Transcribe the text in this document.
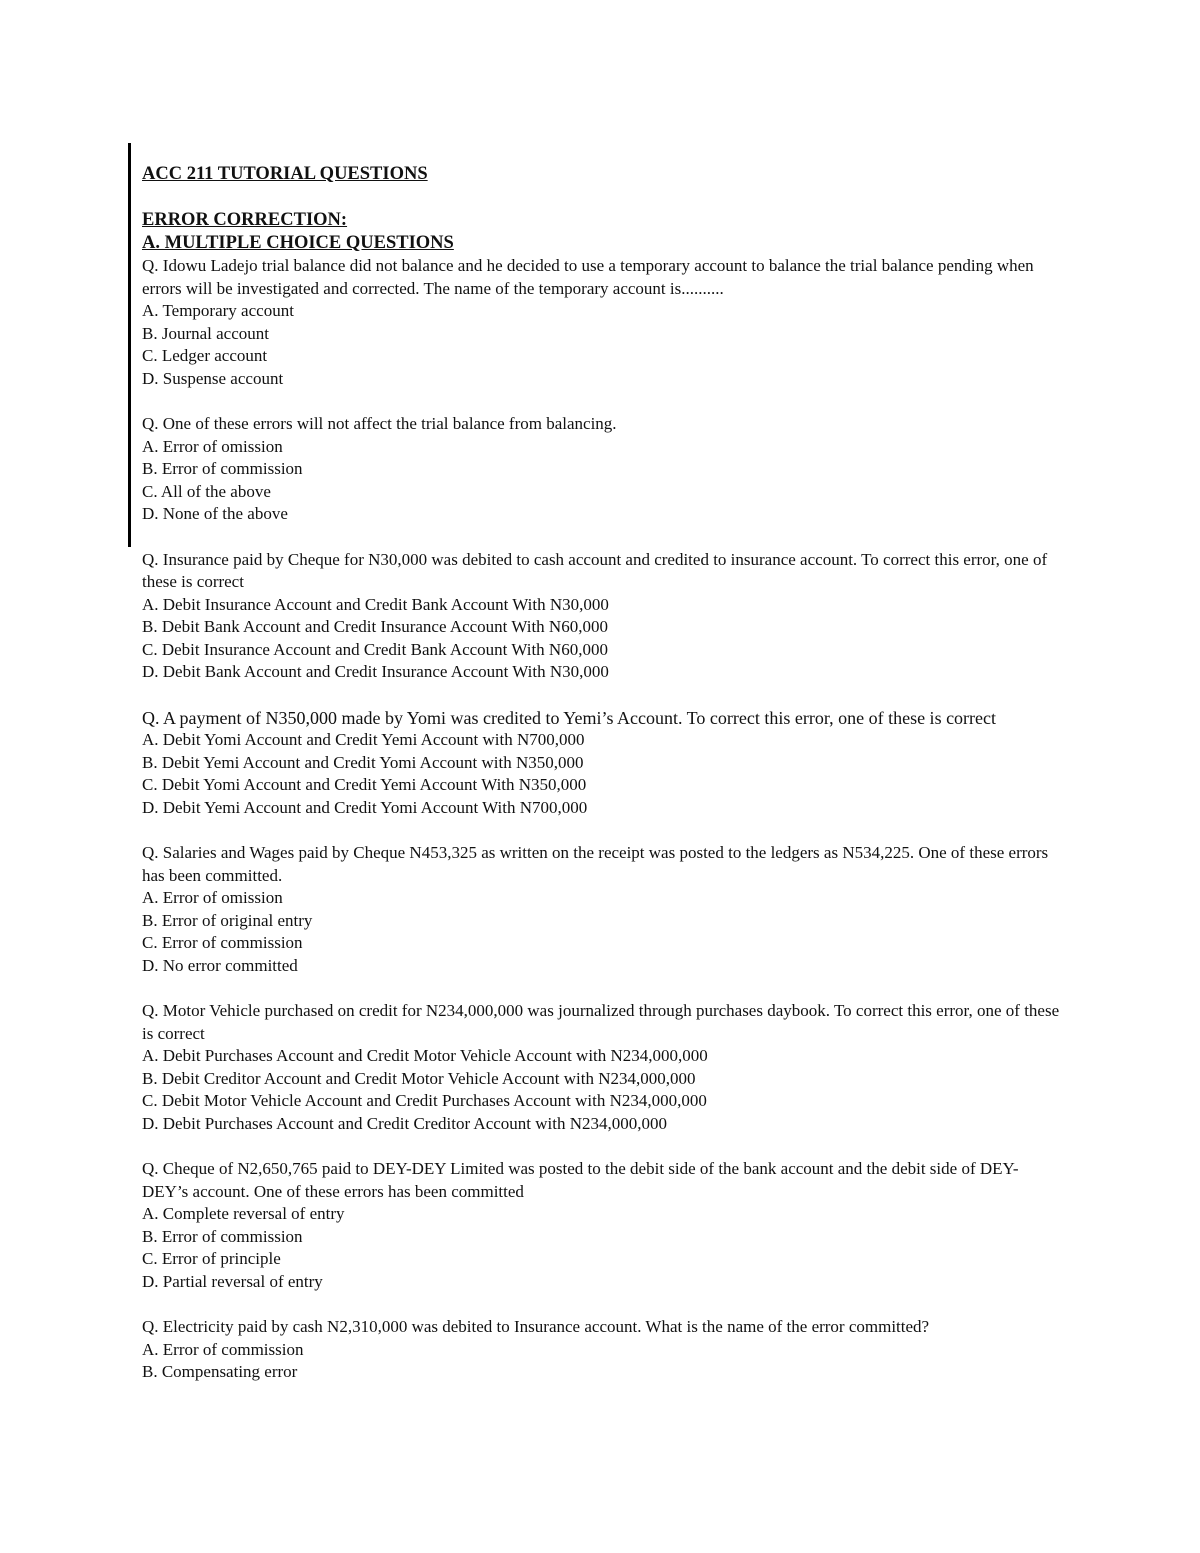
ACC 211 TUTORIAL QUESTIONS

ERROR CORRECTION:

A. MULTIPLE CHOICE QUESTIONS

Q. Idowu Ladejo trial balance did not balance and he decided to use a temporary account to balance the trial balance pending when errors will be investigated and corrected. The name of the temporary account is..........

A. Temporary account

B. Journal account

C. Ledger account

D. Suspense account

Q. One of these errors will not affect the trial balance from balancing.

A. Error of omission

B. Error of commission

C. All of the above

D. None of the above

Q. Insurance paid by Cheque for N30,000 was debited to cash account and credited to insurance account. To correct this error, one of these is correct

A. Debit Insurance Account and Credit Bank Account With N30,000

B. Debit Bank Account and Credit Insurance Account With N60,000

C. Debit Insurance Account and Credit Bank Account With N60,000

D. Debit Bank Account and Credit Insurance Account With N30,000

Q. A payment of N350,000 made by Yomi was credited to Yemi’s Account. To correct this error, one of these is correct

A. Debit Yomi Account and Credit Yemi Account with N700,000

B. Debit Yemi Account and Credit Yomi Account with N350,000

C. Debit Yomi Account and Credit Yemi Account With N350,000

D. Debit Yemi Account and Credit Yomi Account With N700,000

Q. Salaries and Wages paid by Cheque N453,325 as written on the receipt was posted to the ledgers as N534,225. One of these errors has been committed.

A. Error of omission

B. Error of original entry

C. Error of commission

D. No error committed

Q. Motor Vehicle purchased on credit for N234,000,000 was journalized through purchases daybook. To correct this error, one of these is correct

A. Debit Purchases Account and Credit Motor Vehicle Account with N234,000,000

B. Debit Creditor Account and Credit Motor Vehicle Account with N234,000,000

C. Debit Motor Vehicle Account and Credit Purchases Account with N234,000,000

D. Debit Purchases Account and Credit Creditor Account with N234,000,000

Q. Cheque of N2,650,765 paid to DEY-DEY Limited was posted to the debit side of the bank account and the debit side of DEY-DEY’s account. One of these errors has been committed

A. Complete reversal of entry

B. Error of commission

C. Error of principle

D. Partial reversal of entry

Q. Electricity paid by cash N2,310,000 was debited to Insurance account. What is the name of the error committed?

A. Error of commission

B. Compensating error
